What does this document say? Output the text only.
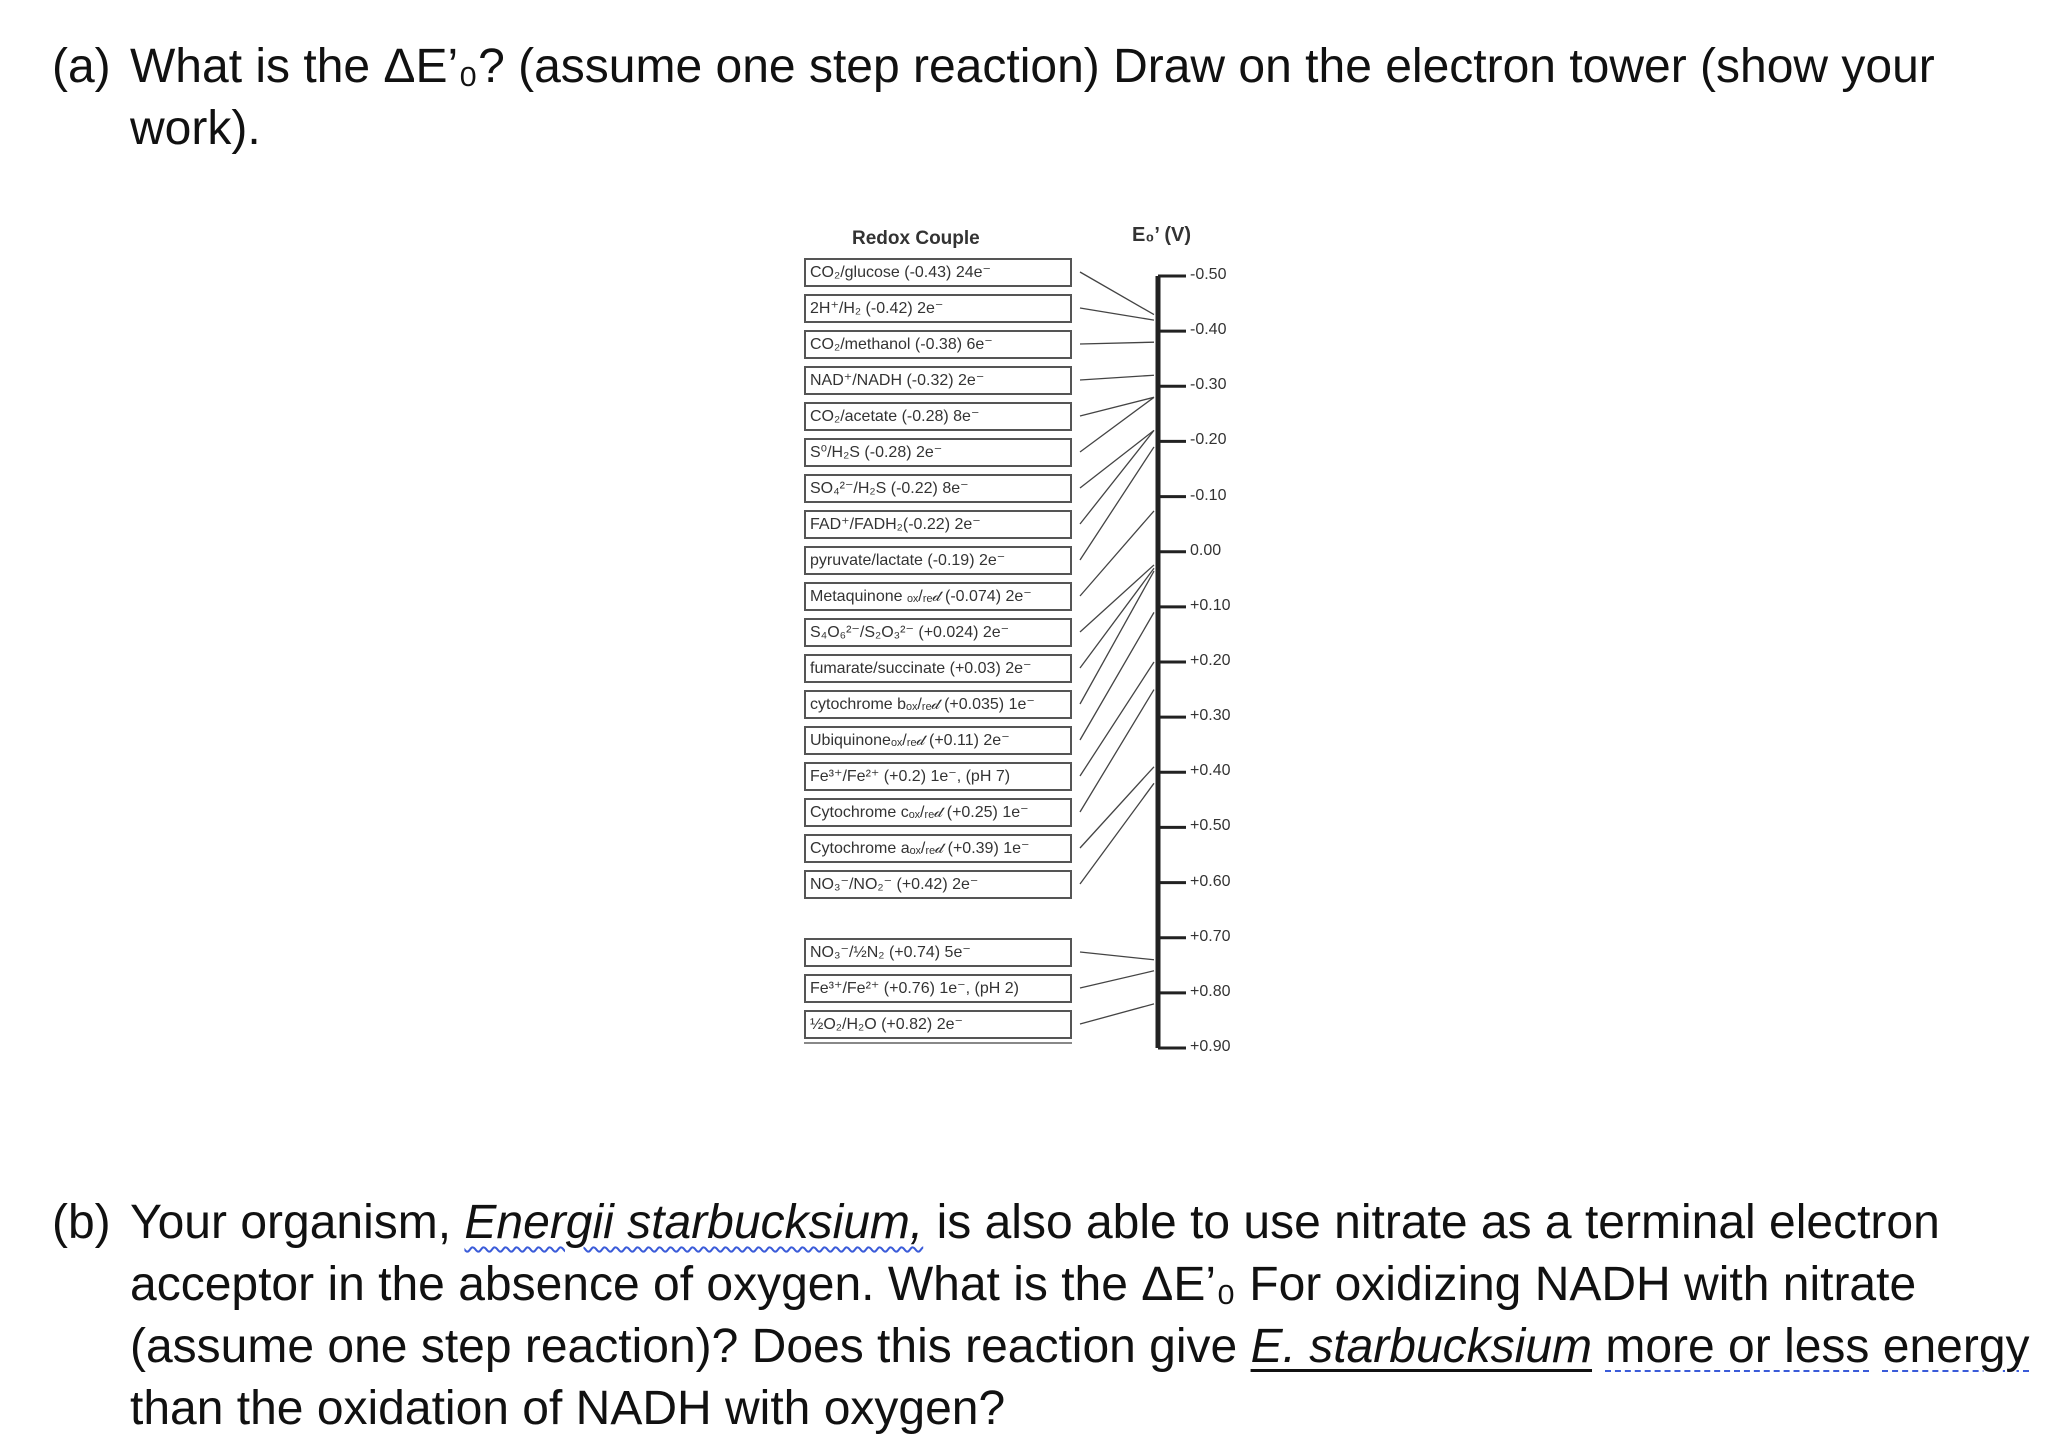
(a) What is the ΔE’₀? (assume one step reaction) Draw on the electron tower (show your work).
Redox Couple	E₀’ (V)
CO₂/glucose (-0.43) 24e⁻
2H⁺/H₂ (-0.42) 2e⁻
CO₂/methanol (-0.38) 6e⁻
NAD⁺/NADH (-0.32) 2e⁻
CO₂/acetate (-0.28) 8e⁻
S⁰/H₂S (-0.28) 2e⁻
SO₄²⁻/H₂S (-0.22) 8e⁻
FAD⁺/FADH₂(-0.22) 2e⁻
pyruvate/lactate (-0.19) 2e⁻
Metaquinone ₒₓ/ᵣₑ𝒹 (-0.074) 2e⁻
S₄O₆²⁻/S₂O₃²⁻ (+0.024) 2e⁻
fumarate/succinate (+0.03) 2e⁻
cytochrome bₒₓ/ᵣₑ𝒹 (+0.035) 1e⁻
Ubiquinoneₒₓ/ᵣₑ𝒹 (+0.11) 2e⁻
Fe³⁺/Fe²⁺ (+0.2) 1e⁻, (pH 7)
Cytochrome cₒₓ/ᵣₑ𝒹 (+0.25) 1e⁻
Cytochrome aₒₓ/ᵣₑ𝒹 (+0.39) 1e⁻
NO₃⁻/NO₂⁻ (+0.42) 2e⁻
NO₃⁻/½N₂ (+0.74) 5e⁻
Fe³⁺/Fe²⁺ (+0.76) 1e⁻, (pH 2)
½O₂/H₂O (+0.82) 2e⁻
-0.50
-0.40
-0.30
-0.20
-0.10
0.00
+0.10
+0.20
+0.30
+0.40
+0.50
+0.60
+0.70
+0.80
+0.90
(b) Your organism, Energii starbucksium, is also able to use nitrate as a terminal electron acceptor in the absence of oxygen. What is the ΔE’₀ For oxidizing NADH with nitrate (assume one step reaction)? Does this reaction give E. starbucksium more or less energy than the oxidation of NADH with oxygen?
